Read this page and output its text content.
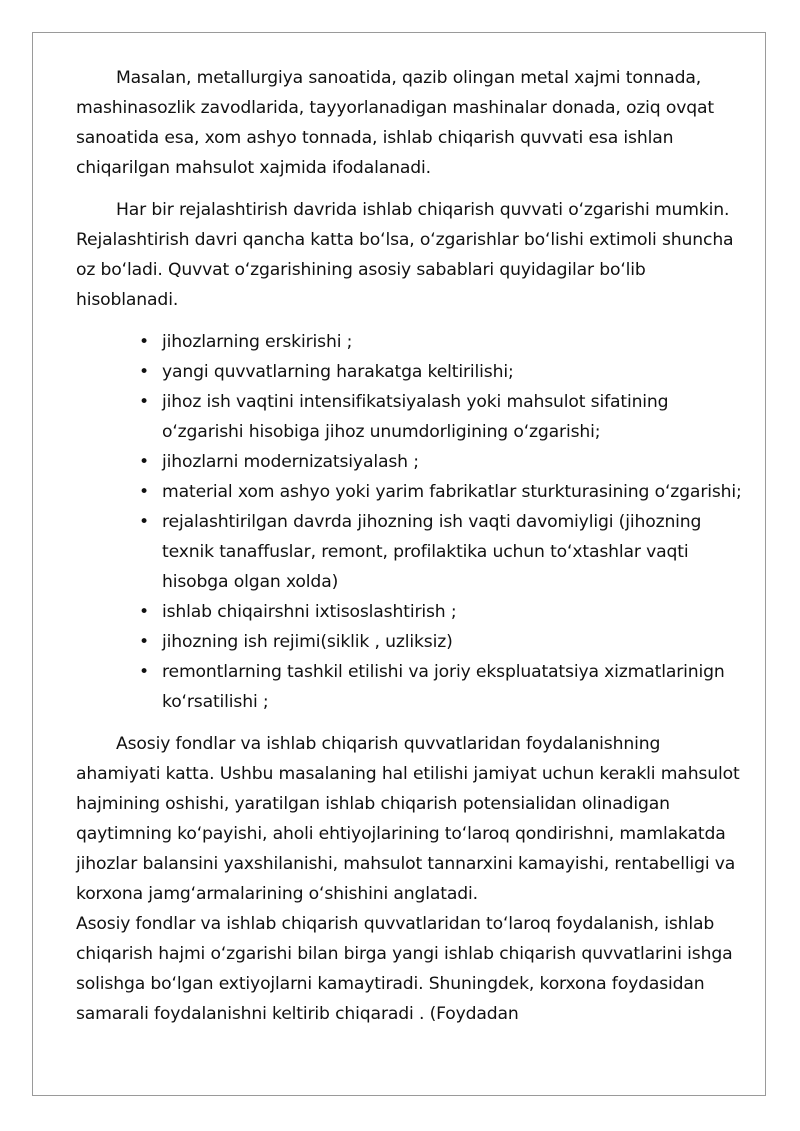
Masalan, metallurgiya sanoatida, qazib olingan metal xajmi tonnada, mashinasozlik zavodlarida, tayyorlanadigan mashinalar donada, oziq ovqat sanoatida esa, xom ashyo tonnada, ishlab chiqarish quvvati esa ishlan chiqarilgan mahsulot xajmida ifodalanadi.

Har bir rejalashtirish davrida ishlab chiqarish quvvati oʻzgarishi mumkin. Rejalashtirish davri qancha katta boʻlsa, oʻzgarishlar boʻlishi extimoli shuncha oz boʻladi. Quvvat oʻzgarishining asosiy sabablari quyidagilar boʻlib hisoblanadi.

• jihozlarning erskirishi ;
• yangi quvvatlarning harakatga keltirilishi;
• jihoz ish vaqtini intensifikatsiyalash yoki mahsulot sifatining oʻzgarishi hisobiga jihoz unumdorligining oʻzgarishi;
• jihozlarni modernizatsiyalash ;
• material xom ashyo yoki yarim fabrikatlar sturkturasining oʻzgarishi;
• rejalashtirilgan davrda jihozning ish vaqti davomiyligi (jihozning texnik tanaffuslar, remont, profilaktika uchun toʻxtashlar vaqti hisobga olgan xolda)
• ishlab chiqairshni ixtisoslashtirish ;
• jihozning ish rejimi(siklik , uzliksiz)
• remontlarning tashkil etilishi va joriy ekspluatatsiya xizmatlarinign koʻrsatilishi ;

Asosiy fondlar va ishlab chiqarish quvvatlaridan foydalanishning ahamiyati katta. Ushbu masalaning hal etilishi jamiyat uchun kerakli mahsulot hajmining oshishi, yaratilgan ishlab chiqarish potensialidan olinadigan qaytimning koʻpayishi, aholi ehtiyojlarining toʻlaroq qondirishni, mamlakatda jihozlar balansini yaxshilanishi, mahsulot tannarxini kamayishi, rentabelligi va korxona jamgʻarmalarining oʻshishini anglatadi.

Asosiy fondlar va ishlab chiqarish quvvatlaridan toʻlaroq foydalanish, ishlab chiqarish hajmi oʻzgarishi bilan birga yangi ishlab chiqarish quvvatlarini ishga solishga boʻlgan extiyojlarni kamaytiradi. Shuningdek, korxona foydasidan samarali foydalanishni keltirib chiqaradi . (Foydadan
